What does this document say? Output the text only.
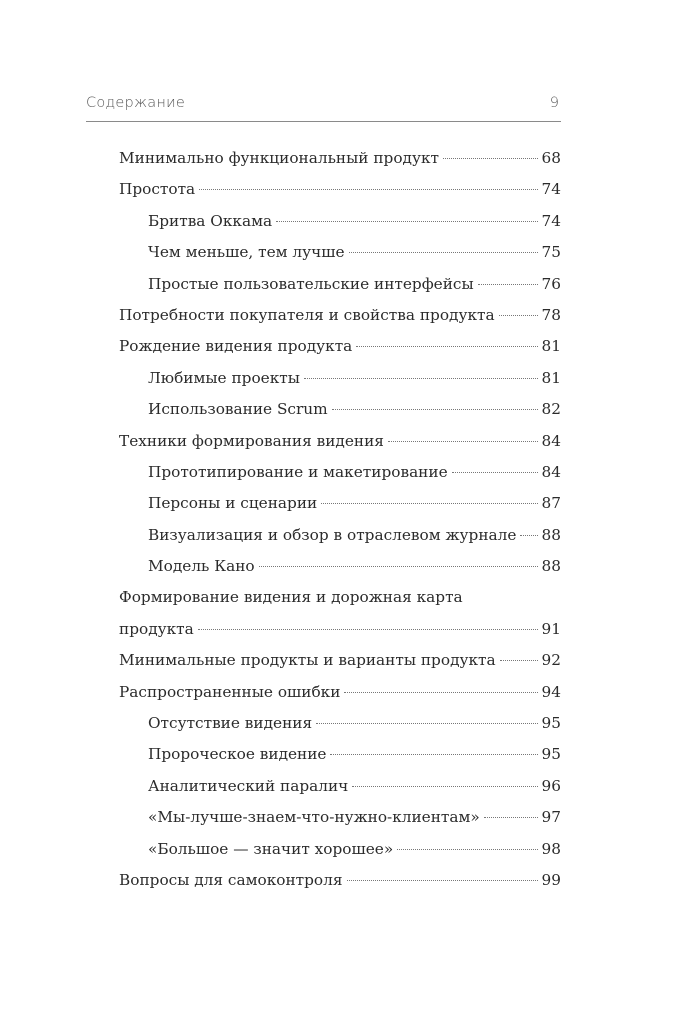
Содержание	9
Минимально функциональный продукт	68
Простота	74
Бритва Оккама	74
Чем меньше, тем лучше	75
Простые пользовательские интерфейсы	76
Потребности покупателя и свойства продукта	78
Рождение видения продукта	81
Любимые проекты	81
Использование Scrum	82
Техники формирования видения	84
Прототипирование и макетирование	84
Персоны и сценарии	87
Визуализация и обзор в отраслевом журнале 88
Модель Кано	88
Формирование видения и дорожная карта
продукта	91
Минимальные продукты и варианты продукта	92
Распространенные ошибки	94
Отсутствие видения	95
Пророческое видение	95
Аналитический паралич	96
«Мы-лучше-знаем-что-нужно-клиентам»	97
«Большое — значит хорошее»	98
Вопросы для самоконтроля	99
